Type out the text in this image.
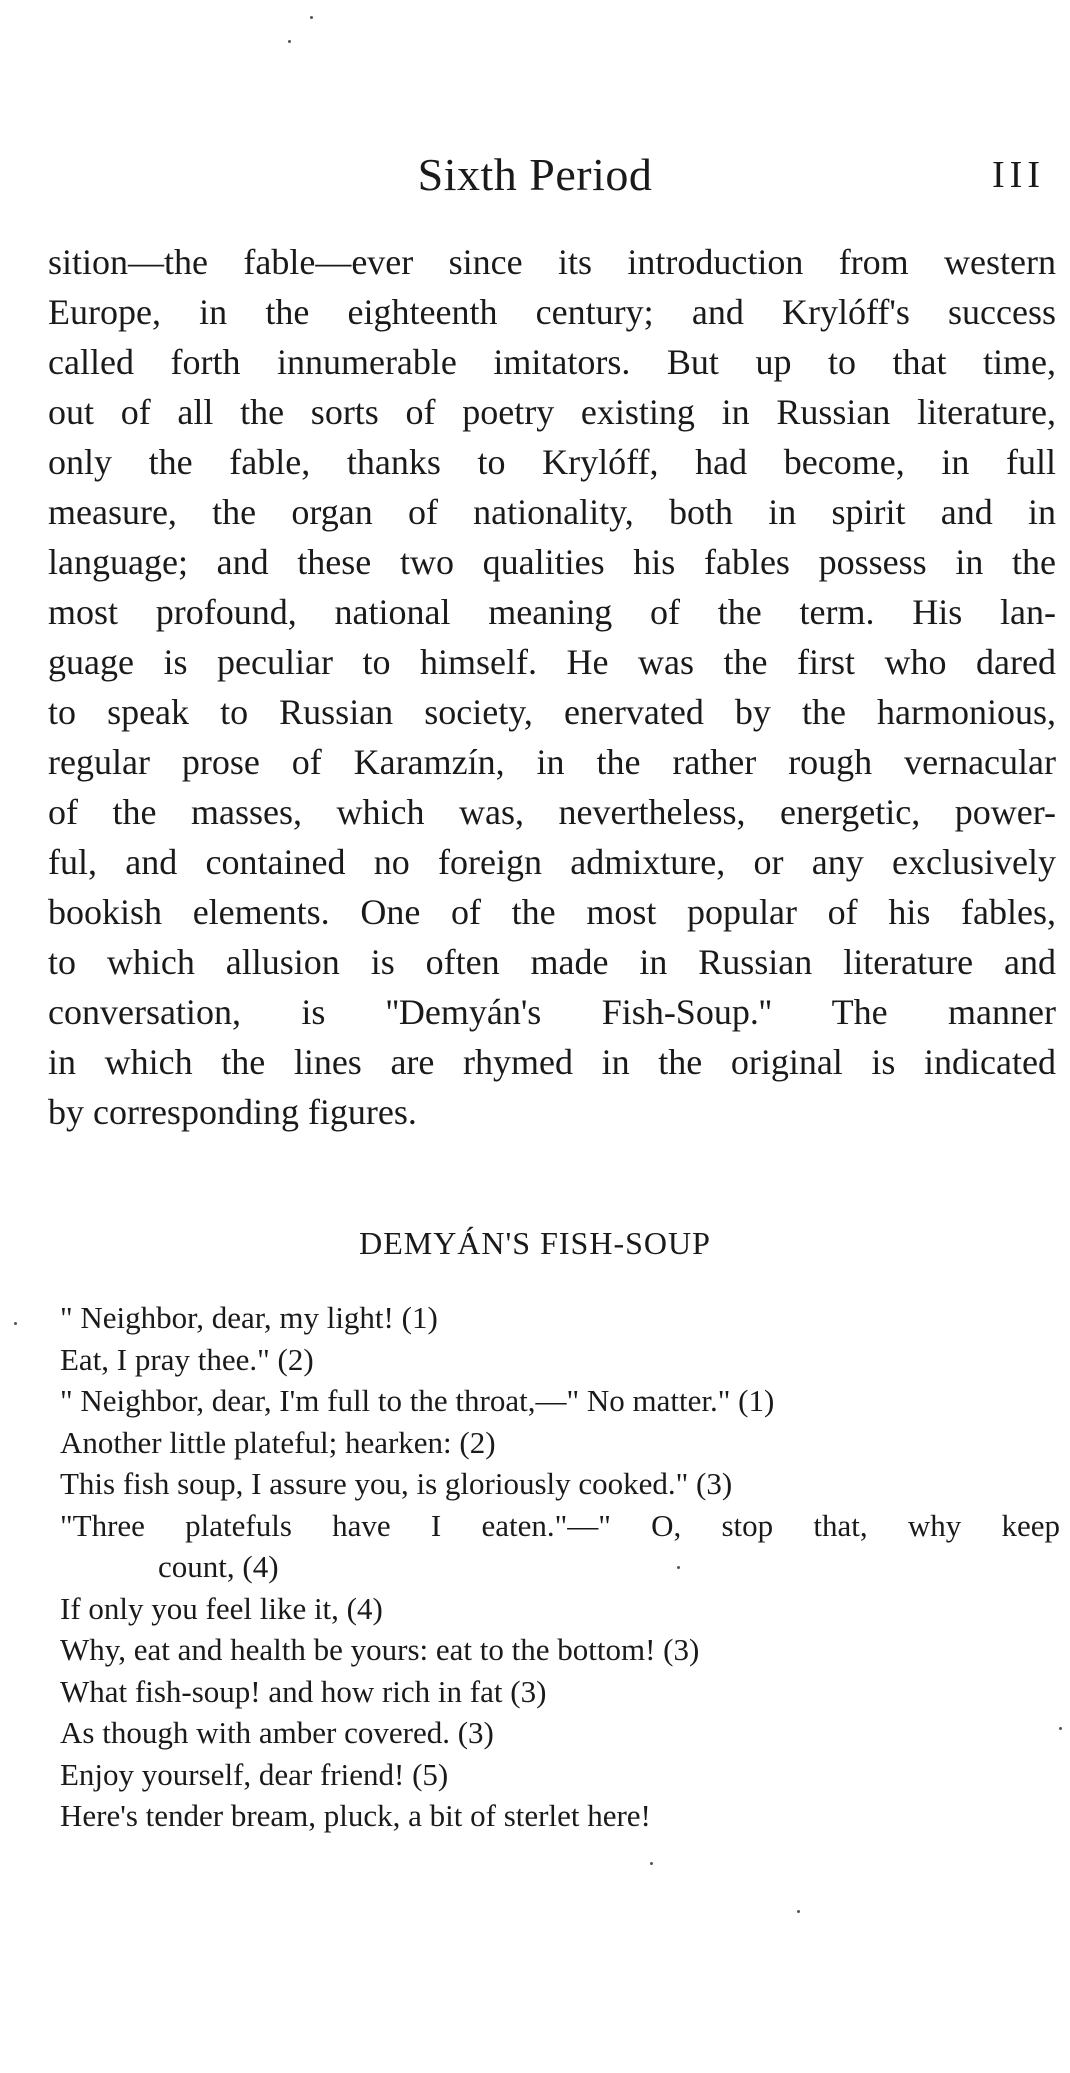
Sixth Period	III
sition—the fable—ever since its introduction from western
Europe, in the eighteenth century; and Krylóff's success
called forth innumerable imitators. But up to that time,
out of all the sorts of poetry existing in Russian literature,
only the fable, thanks to Krylóff, had become, in full
measure, the organ of nationality, both in spirit and in
language; and these two qualities his fables possess in the
most profound, national meaning of the term. His lan-
guage is peculiar to himself. He was the first who dared
to speak to Russian society, enervated by the harmonious,
regular prose of Karamzín, in the rather rough vernacular
of the masses, which was, nevertheless, energetic, power-
ful, and contained no foreign admixture, or any exclusively
bookish elements. One of the most popular of his fables,
to which allusion is often made in Russian literature and
conversation, is ''Demyán's Fish-Soup.'' The manner
in which the lines are rhymed in the original is indicated
by corresponding figures.
DEMYÁN'S FISH-SOUP
" Neighbor, dear, my light! (1)
Eat, I pray thee." (2)
" Neighbor, dear, I'm full to the throat,—" No matter." (1)
Another little plateful; hearken: (2)
This fish soup, I assure you, is gloriously cooked." (3)
"Three platefuls have I eaten."—" O, stop that, why keep
count, (4)
If only you feel like it, (4)
Why, eat and health be yours: eat to the bottom! (3)
What fish-soup! and how rich in fat (3)
As though with amber covered. (3)
Enjoy yourself, dear friend! (5)
Here's tender bream, pluck, a bit of sterlet here!
